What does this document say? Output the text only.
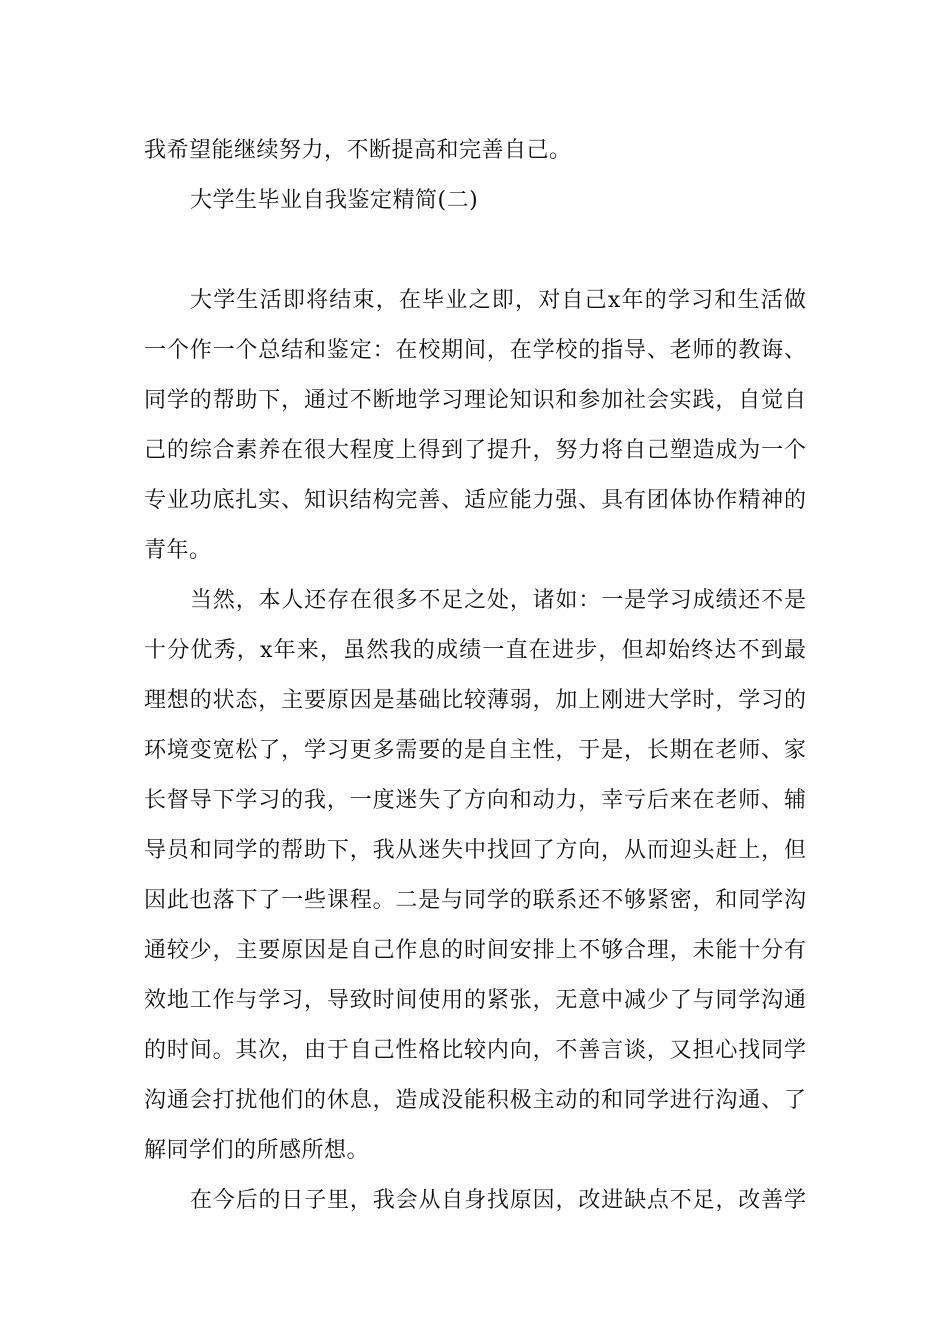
我希望能继续努力，不断提高和完善自己。
大学生毕业自我鉴定精简(二)
大学生活即将结束，在毕业之即，对自己x年的学习和生活做
一个作一个总结和鉴定：在校期间，在学校的指导、老师的教诲、
同学的帮助下，通过不断地学习理论知识和参加社会实践，自觉自
己的综合素养在很大程度上得到了提升，努力将自己塑造成为一个
专业功底扎实、知识结构完善、适应能力强、具有团体协作精神的
青年。
当然，本人还存在很多不足之处，诸如：一是学习成绩还不是
十分优秀，x年来，虽然我的成绩一直在进步，但却始终达不到最
理想的状态，主要原因是基础比较薄弱，加上刚进大学时，学习的
环境变宽松了，学习更多需要的是自主性，于是，长期在老师、家
长督导下学习的我，一度迷失了方向和动力，幸亏后来在老师、辅
导员和同学的帮助下，我从迷失中找回了方向，从而迎头赶上，但
因此也落下了一些课程。二是与同学的联系还不够紧密，和同学沟
通较少，主要原因是自己作息的时间安排上不够合理，未能十分有
效地工作与学习，导致时间使用的紧张，无意中减少了与同学沟通
的时间。其次，由于自己性格比较内向，不善言谈，又担心找同学
沟通会打扰他们的休息，造成没能积极主动的和同学进行沟通、了
解同学们的所感所想。
在今后的日子里，我会从自身找原因，改进缺点不足，改善学
